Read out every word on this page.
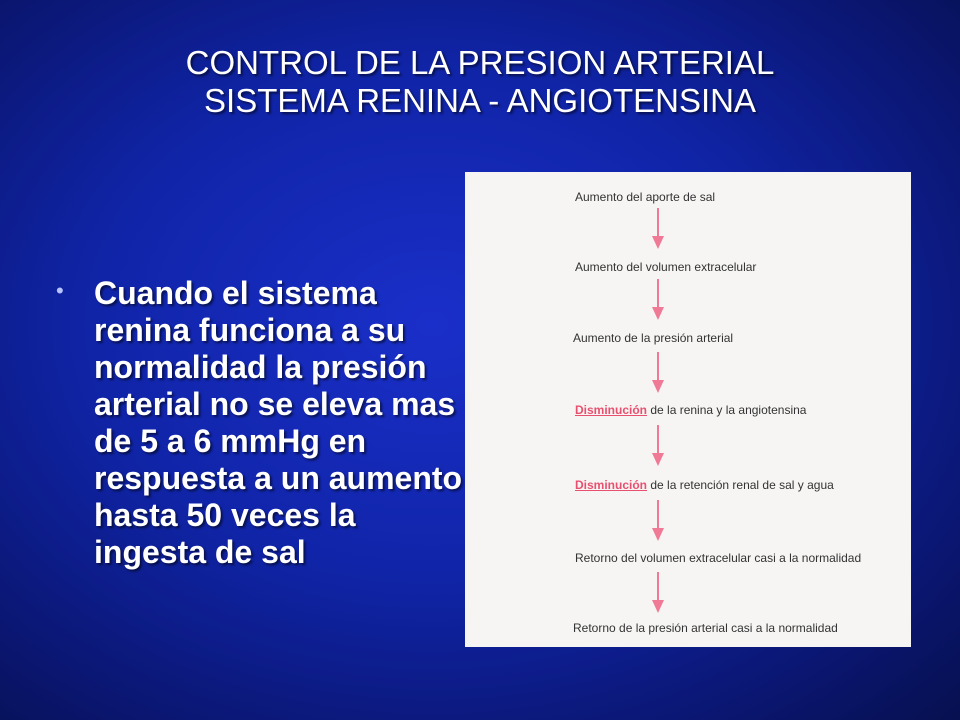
CONTROL DE LA PRESION ARTERIAL
SISTEMA RENINA - ANGIOTENSINA
• Cuando el sistema renina funciona a su normalidad la presión arterial no se eleva mas de 5 a 6 mmHg en respuesta a un aumento hasta 50 veces la ingesta de sal
Aumento del aporte de sal
Aumento del volumen extracelular
Aumento de la presión arterial
Disminución de la renina y la angiotensina
Disminución de la retención renal de sal y agua
Retorno del volumen extracelular casi a la normalidad
Retorno de la presión arterial casi a la normalidad
